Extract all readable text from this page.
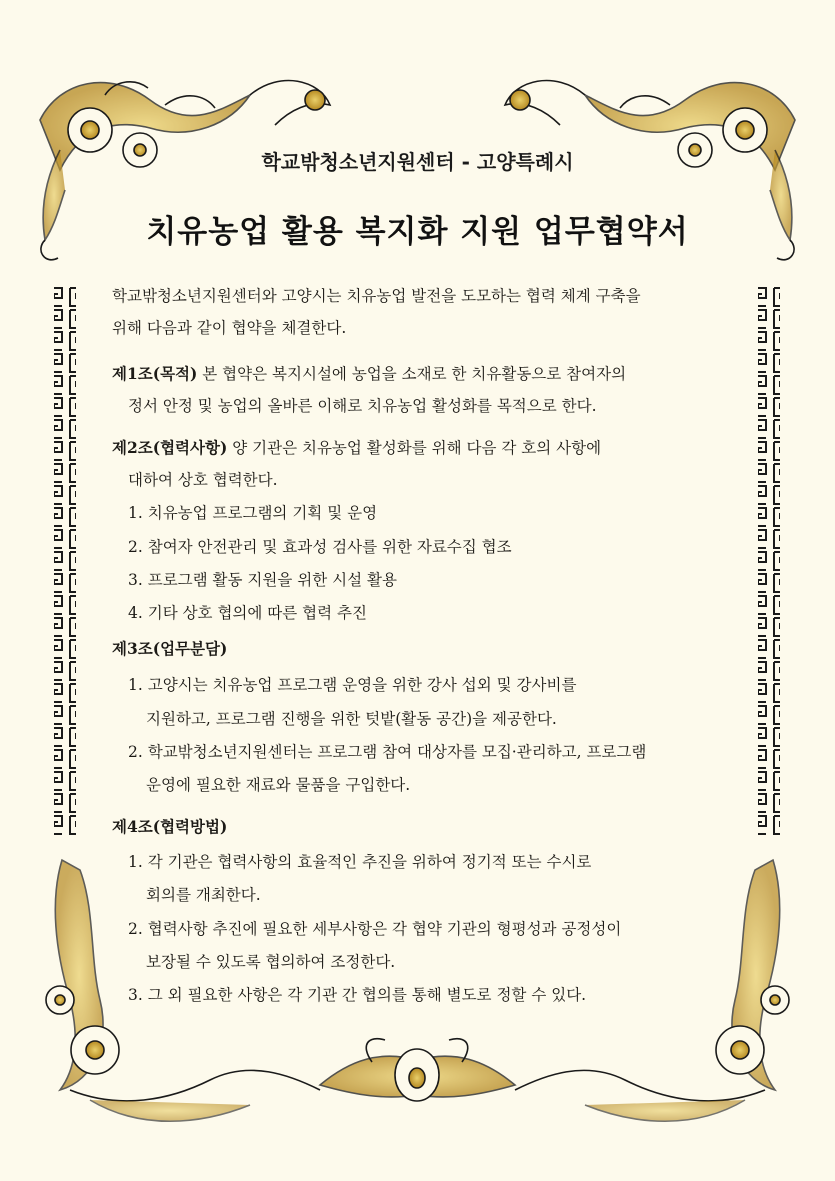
학교밖청소년지원센터 - 고양특례시
치유농업 활용 복지화 지원 업무협약서

학교밖청소년지원센터와 고양시는 치유농업 발전을 도모하는 협력 체계 구축을

위해 다음과 같이 협약을 체결한다.

제1조(목적) 본 협약은 복지시설에 농업을 소재로 한 치유활동으로 참여자의

정서 안정 및 농업의 올바른 이해로 치유농업 활성화를 목적으로 한다.

제2조(협력사항) 양 기관은 치유농업 활성화를 위해 다음 각 호의 사항에

대하여 상호 협력한다.

1. 치유농업 프로그램의 기획 및 운영
2. 참여자 안전관리 및 효과성 검사를 위한 자료수집 협조
3. 프로그램 활동 지원을 위한 시설 활용
4. 기타 상호 협의에 따른 협력 추진
제3조(업무분담)
1. 고양시는 치유농업 프로그램 운영을 위한 강사 섭외 및 강사비를
지원하고, 프로그램 진행을 위한 텃밭(활동 공간)을 제공한다.
2. 학교밖청소년지원센터는 프로그램 참여 대상자를 모집·관리하고, 프로그램
운영에 필요한 재료와 물품을 구입한다.
제4조(협력방법)
1. 각 기관은 협력사항의 효율적인 추진을 위하여 정기적 또는 수시로
회의를 개최한다.
2. 협력사항 추진에 필요한 세부사항은 각 협약 기관의 형평성과 공정성이
보장될 수 있도록 협의하여 조정한다.
3. 그 외 필요한 사항은 각 기관 간 협의를 통해 별도로 정할 수 있다.
